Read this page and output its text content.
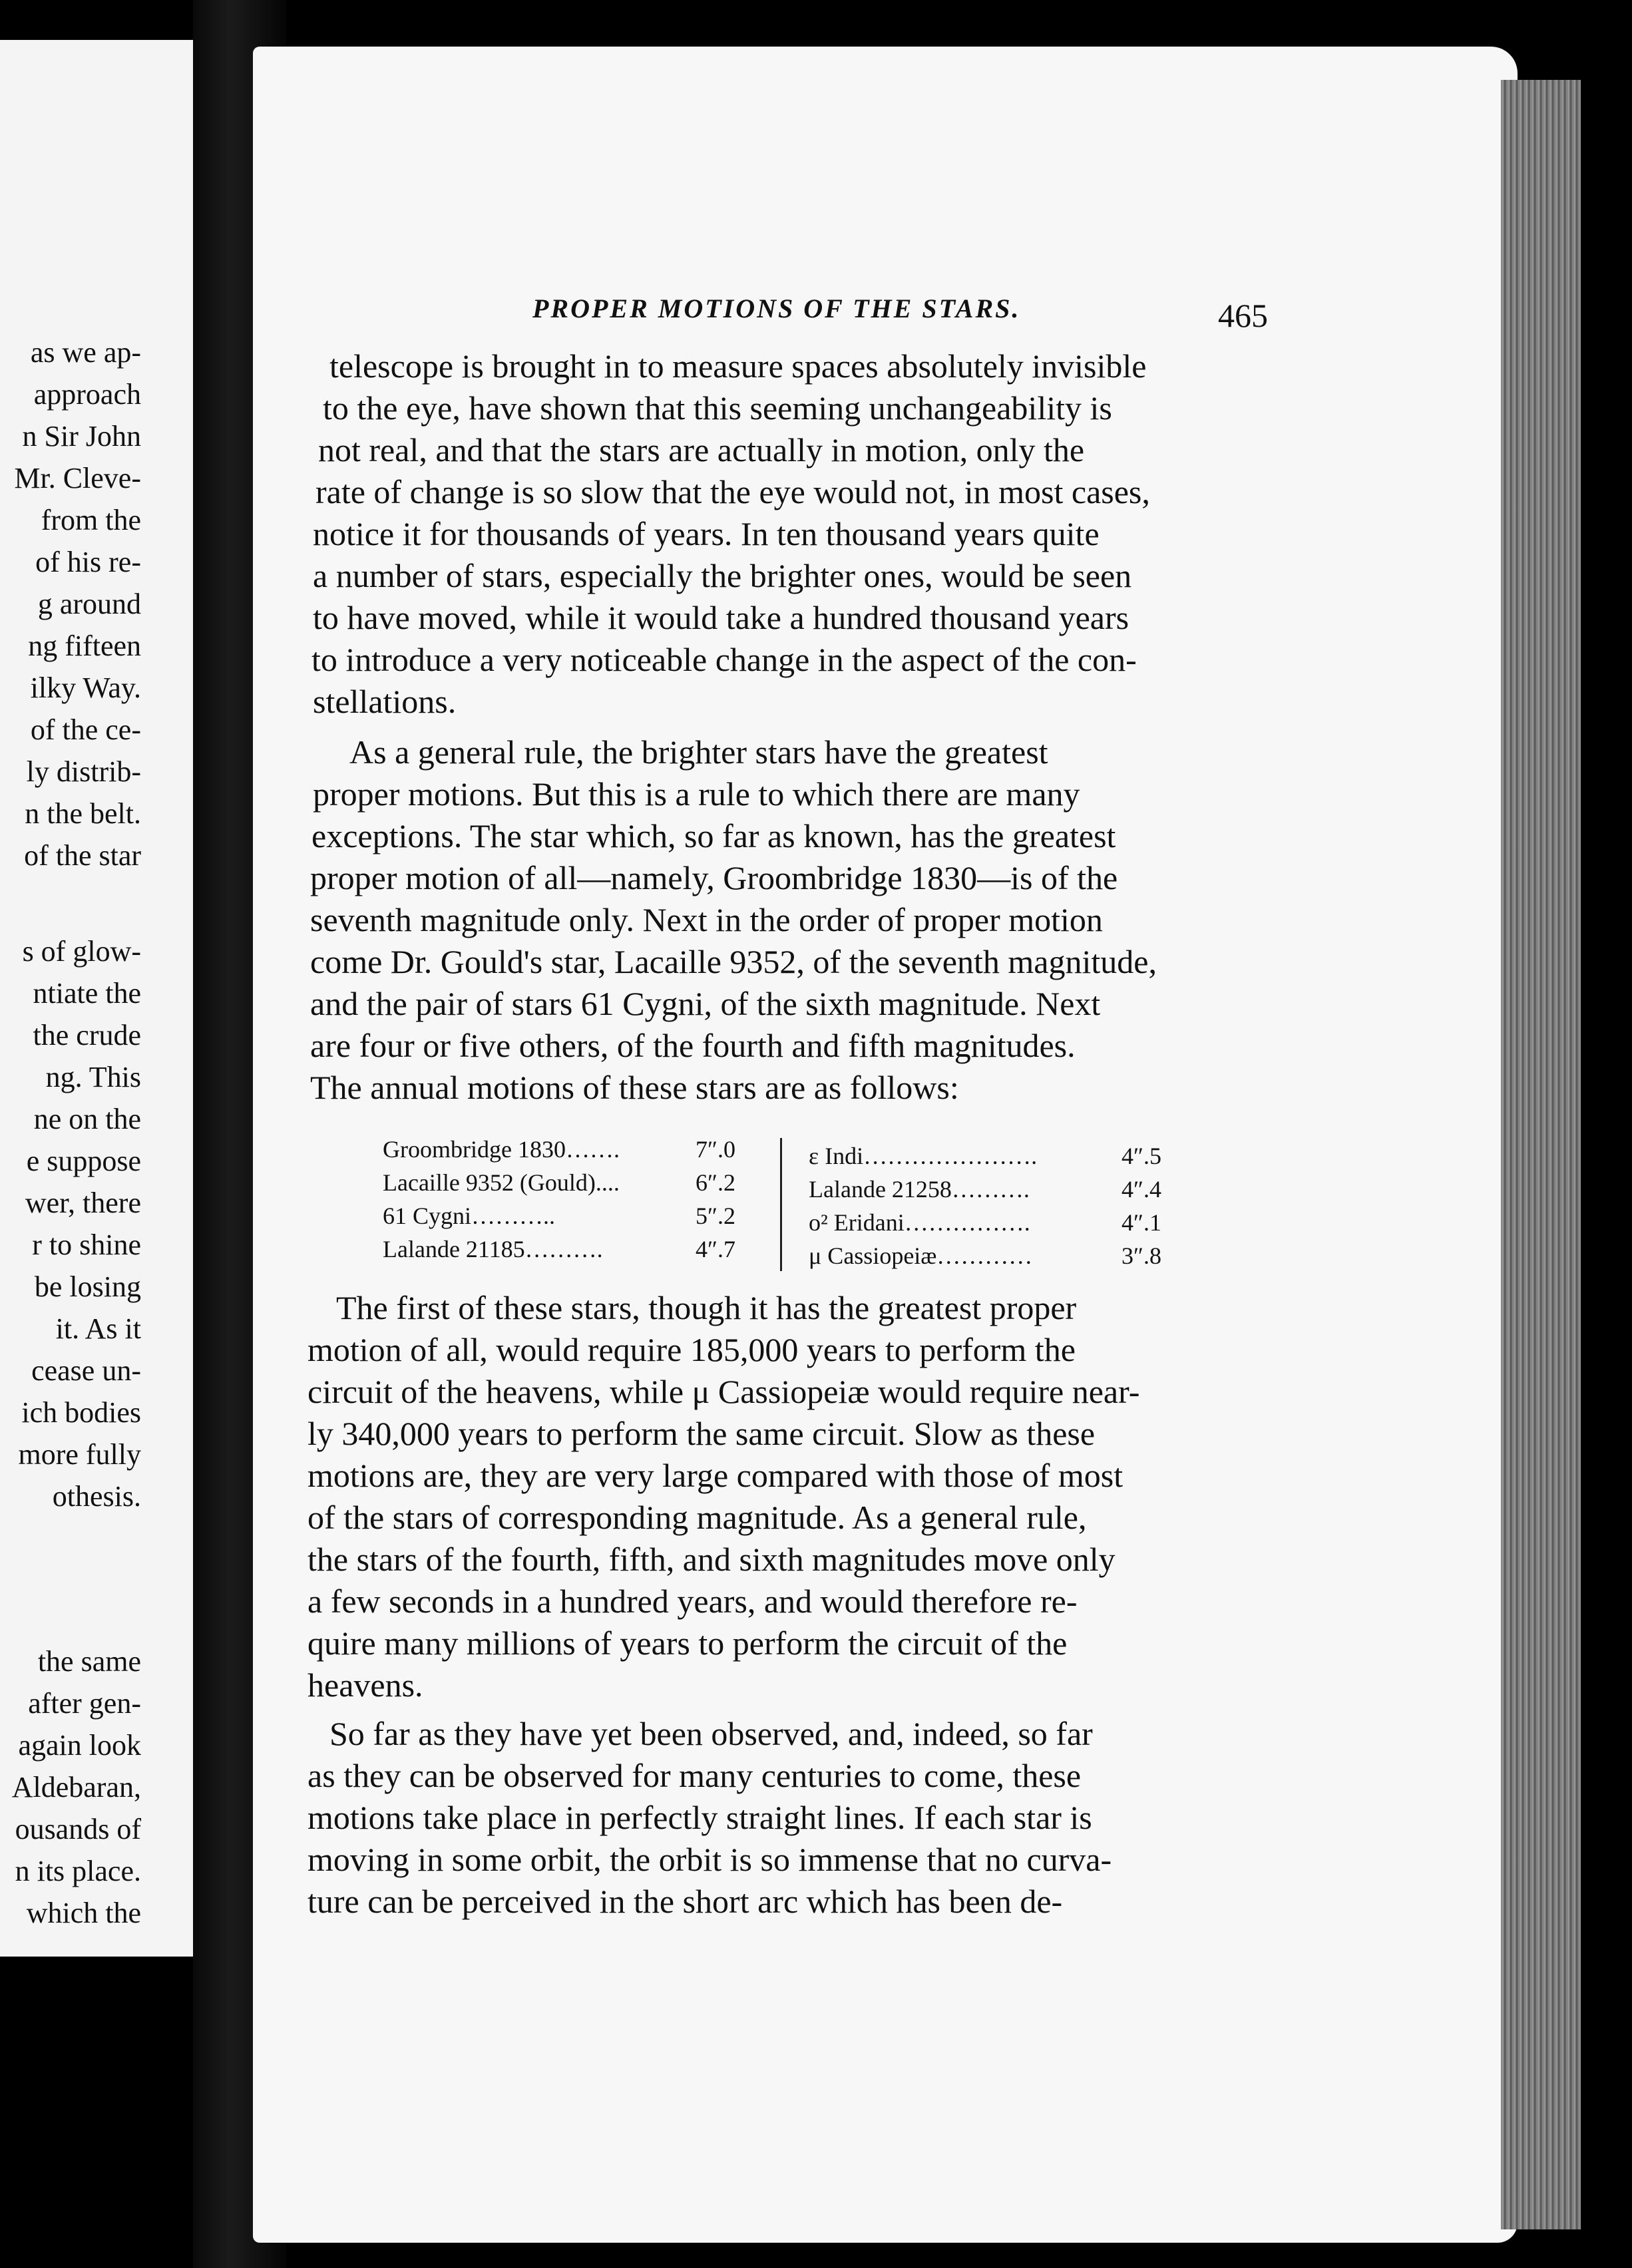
as we ap-
approach
n Sir John
Mr. Cleve-
from the
of his re-
g around
ng fifteen
ilky Way.
of the ce-
ly distrib-
n the belt.
of the star
s of glow-
ntiate the
the crude
ng. This
ne on the
e suppose
wer, there
r to shine
be losing
it. As it
cease un-
ich bodies
more fully
othesis.
the same
after gen-
again look
Aldebaran,
ousands of
n its place.
which the
PROPER MOTIONS OF THE STARS.	465
telescope is brought in to measure spaces absolutely invisible
to the eye, have shown that this seeming unchangeability is
not real, and that the stars are actually in motion, only the
rate of change is so slow that the eye would not, in most cases,
notice it for thousands of years. In ten thousand years quite
a number of stars, especially the brighter ones, would be seen
to have moved, while it would take a hundred thousand years
to introduce a very noticeable change in the aspect of the con-
stellations.
As a general rule, the brighter stars have the greatest
proper motions. But this is a rule to which there are many
exceptions. The star which, so far as known, has the greatest
proper motion of all—namely, Groombridge 1830—is of the
seventh magnitude only. Next in the order of proper motion
come Dr. Gould's star, Lacaille 9352, of the seventh magnitude,
and the pair of stars 61 Cygni, of the sixth magnitude. Next
are four or five others, of the fourth and fifth magnitudes.
The annual motions of these stars are as follows:
Groombridge 1830…….	7″.0
Lacaille 9352 (Gould)....	6″.2
61 Cygni………..	5″.2
Lalande 21185……….	4″.7
ε Indi………………….	4″.5
Lalande 21258……….	4″.4
o² Eridani…………….	4″.1
μ Cassiopeiæ…………	3″.8
The first of these stars, though it has the greatest proper
motion of all, would require 185,000 years to perform the
circuit of the heavens, while μ Cassiopeiæ would require near-
ly 340,000 years to perform the same circuit. Slow as these
motions are, they are very large compared with those of most
of the stars of corresponding magnitude. As a general rule,
the stars of the fourth, fifth, and sixth magnitudes move only
a few seconds in a hundred years, and would therefore re-
quire many millions of years to perform the circuit of the
heavens.
So far as they have yet been observed, and, indeed, so far
as they can be observed for many centuries to come, these
motions take place in perfectly straight lines. If each star is
moving in some orbit, the orbit is so immense that no curva-
ture can be perceived in the short arc which has been de-
